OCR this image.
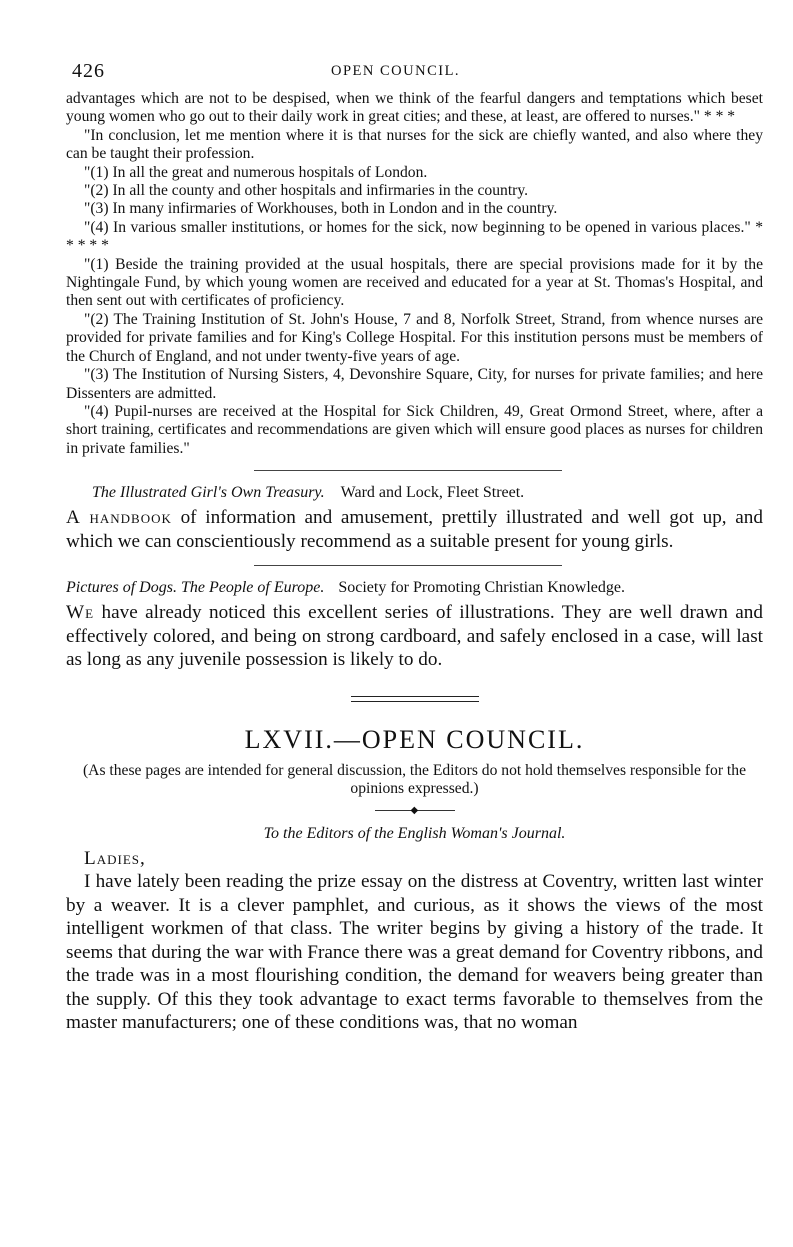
426	OPEN COUNCIL.

advantages which are not to be despised, when we think of the fearful dangers and temptations which beset young women who go out to their daily work in great cities; and these, at least, are offered to nurses." * * *

"In conclusion, let me mention where it is that nurses for the sick are chiefly wanted, and also where they can be taught their profession.

"(1) In all the great and numerous hospitals of London.

"(2) In all the county and other hospitals and infirmaries in the country.

"(3) In many infirmaries of Workhouses, both in London and in the country.

"(4) In various smaller institutions, or homes for the sick, now beginning to be opened in various places." * * * * *

"(1) Beside the training provided at the usual hospitals, there are special provisions made for it by the Nightingale Fund, by which young women are received and educated for a year at St. Thomas's Hospital, and then sent out with certificates of proficiency.

"(2) The Training Institution of St. John's House, 7 and 8, Norfolk Street, Strand, from whence nurses are provided for private families and for King's College Hospital. For this institution persons must be members of the Church of England, and not under twenty-five years of age.

"(3) The Institution of Nursing Sisters, 4, Devonshire Square, City, for nurses for private families; and here Dissenters are admitted.

"(4) Pupil-nurses are received at the Hospital for Sick Children, 49, Great Ormond Street, where, after a short training, certificates and recommendations are given which will ensure good places as nurses for children in private families."

The Illustrated Girl's Own Treasury. Ward and Lock, Fleet Street.

A handbook of information and amusement, prettily illustrated and well got up, and which we can conscientiously recommend as a suitable present for young girls.

Pictures of Dogs. The People of Europe. Society for Promoting Christian Knowledge.

We have already noticed this excellent series of illustrations. They are well drawn and effectively colored, and being on strong cardboard, and safely enclosed in a case, will last as long as any juvenile possession is likely to do.

LXVII.—OPEN COUNCIL.

(As these pages are intended for general discussion, the Editors do not hold themselves responsible for the opinions expressed.)

◆
To the Editors of the English Woman's Journal.

Ladies,

I have lately been reading the prize essay on the distress at Coventry, written last winter by a weaver. It is a clever pamphlet, and curious, as it shows the views of the most intelligent workmen of that class. The writer begins by giving a history of the trade. It seems that during the war with France there was a great demand for Coventry ribbons, and the trade was in a most flourishing condition, the demand for weavers being greater than the supply. Of this they took advantage to exact terms favorable to themselves from the master manufacturers; one of these conditions was, that no woman
